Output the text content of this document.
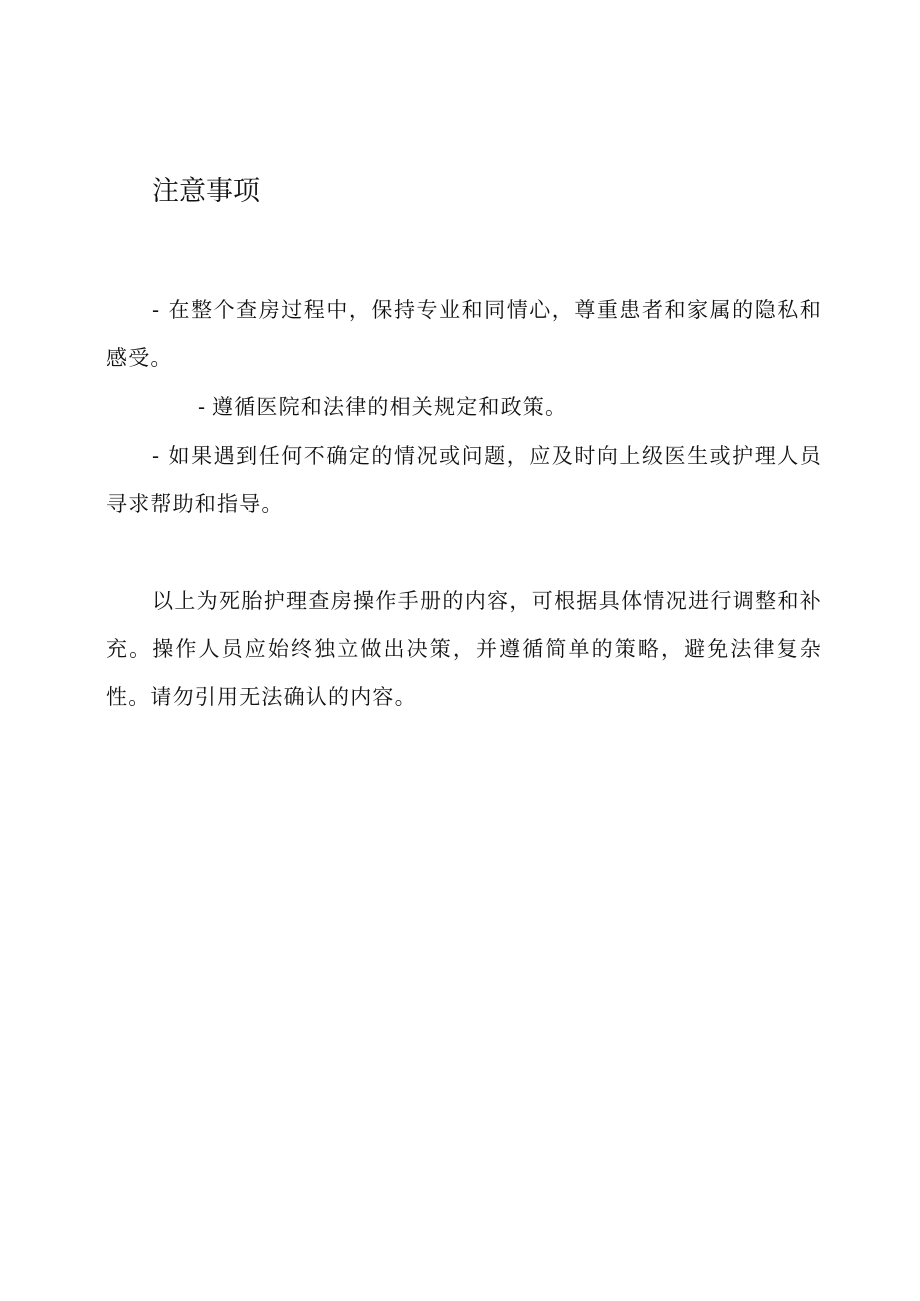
注意事项

- 在整个查房过程中，保持专业和同情心，尊重患者和家属的隐私和感受。

- 遵循医院和法律的相关规定和政策。

- 如果遇到任何不确定的情况或问题，应及时向上级医生或护理人员寻求帮助和指导。

以上为死胎护理查房操作手册的内容，可根据具体情况进行调整和补充。操作人员应始终独立做出决策，并遵循简单的策略，避免法律复杂性。请勿引用无法确认的内容。
